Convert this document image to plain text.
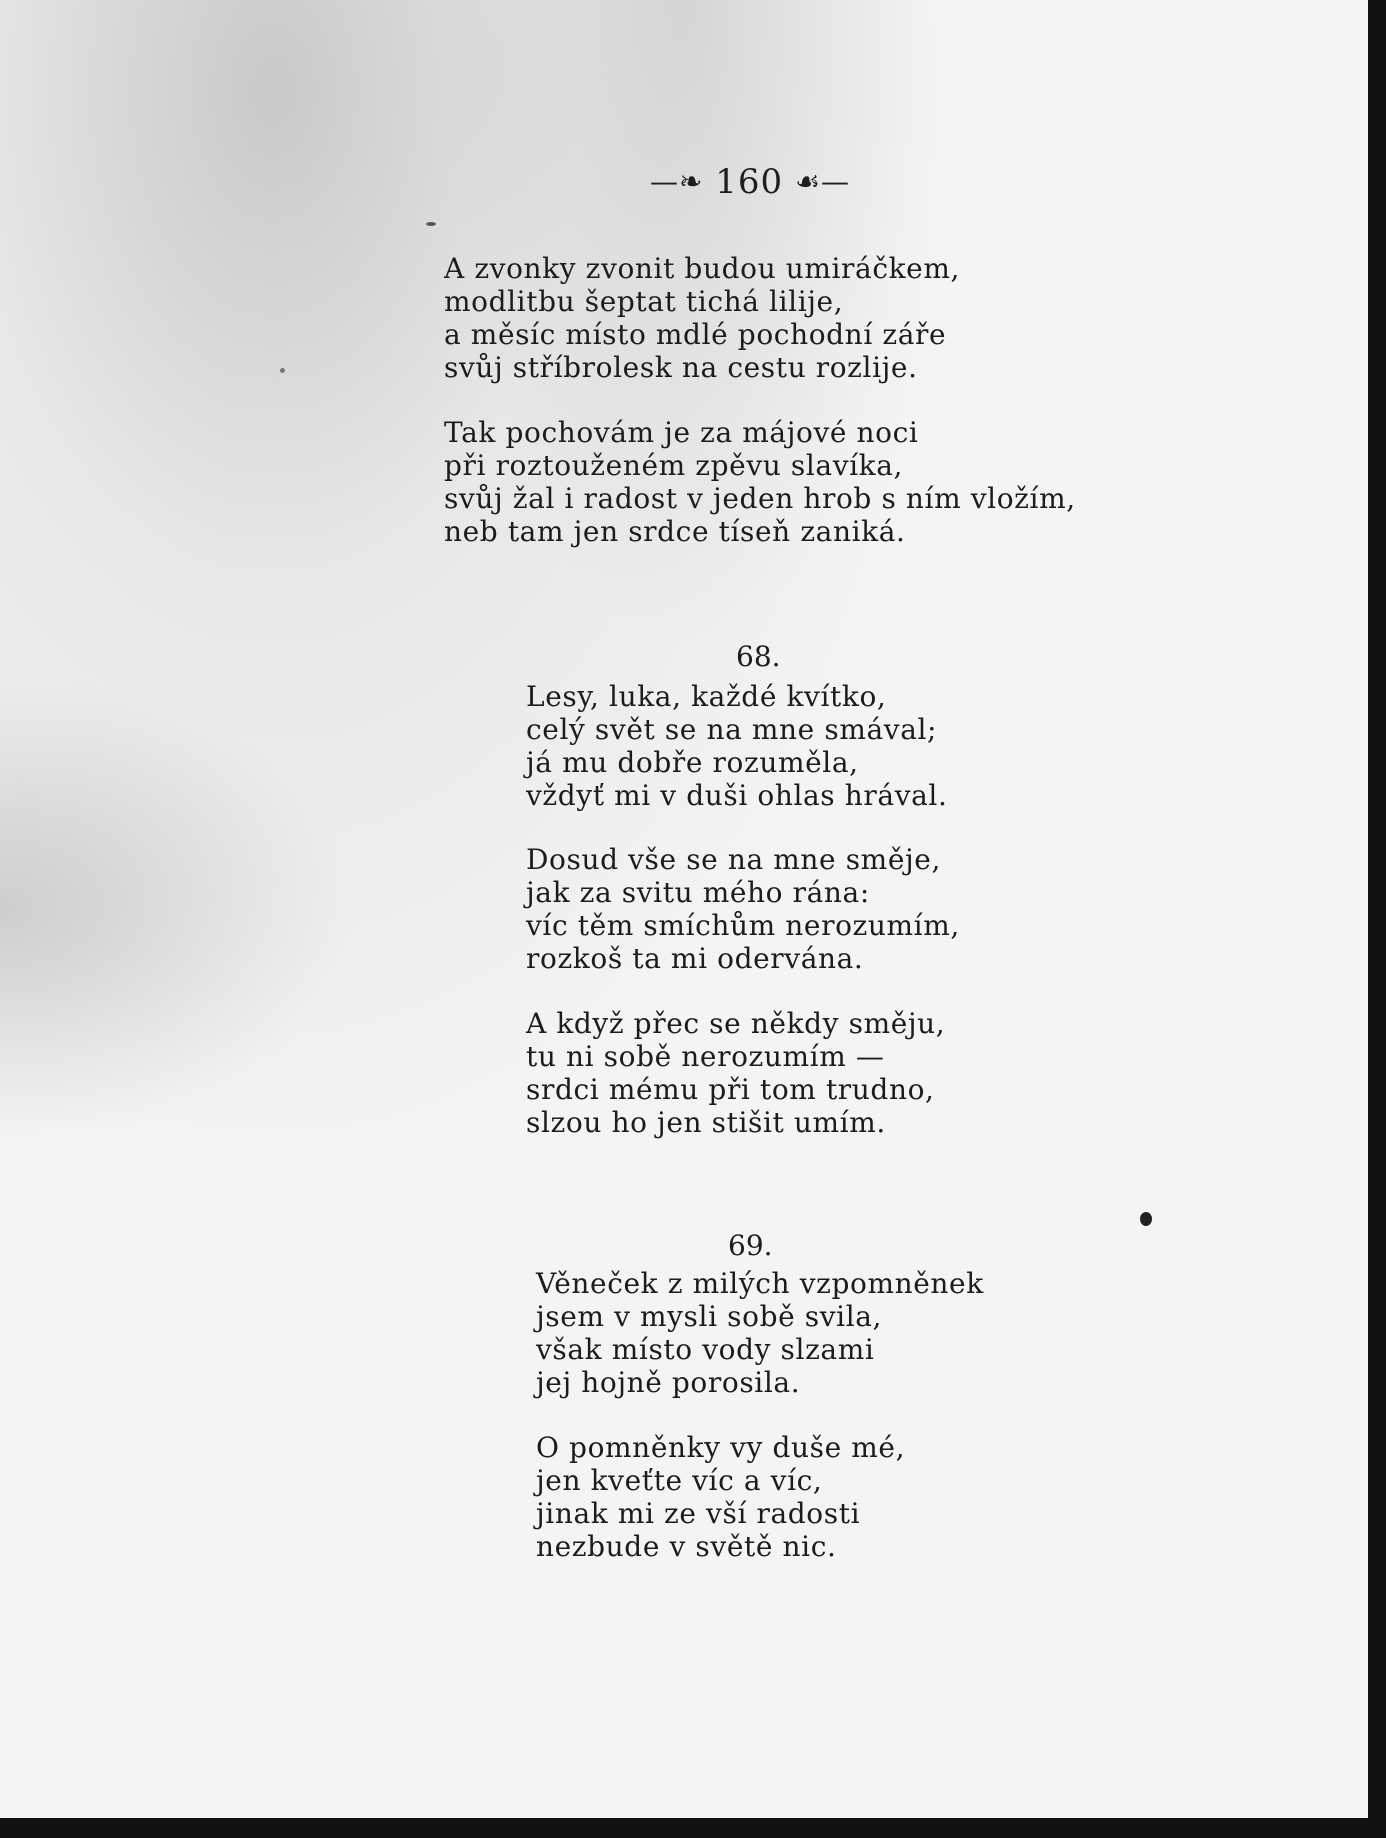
—❧ 160 ☙—
A zvonky zvonit budou umiráčkem,
modlitbu šeptat tichá lilije,
a měsíc místo mdlé pochodní záře
svůj stříbrolesk na cestu rozlije.
Tak pochovám je za májové noci
při roztouženém zpěvu slavíka,
svůj žal i radost v jeden hrob s ním vložím,
neb tam jen srdce tíseň zaniká.
68.
Lesy, luka, každé kvítko,
celý svět se na mne smával;
já mu dobře rozuměla,
vždyť mi v duši ohlas hrával.
Dosud vše se na mne směje,
jak za svitu mého rána:
víc těm smíchům nerozumím,
rozkoš ta mi odervána.
A když přec se někdy směju,
tu ni sobě nerozumím —
srdci mému při tom trudno,
slzou ho jen stišit umím.
69.
Věneček z milých vzpomněnek
jsem v mysli sobě svila,
však místo vody slzami
jej hojně porosila.
O pomněnky vy duše mé,
jen kveťte víc a víc,
jinak mi ze vší radosti
nezbude v světě nic.
